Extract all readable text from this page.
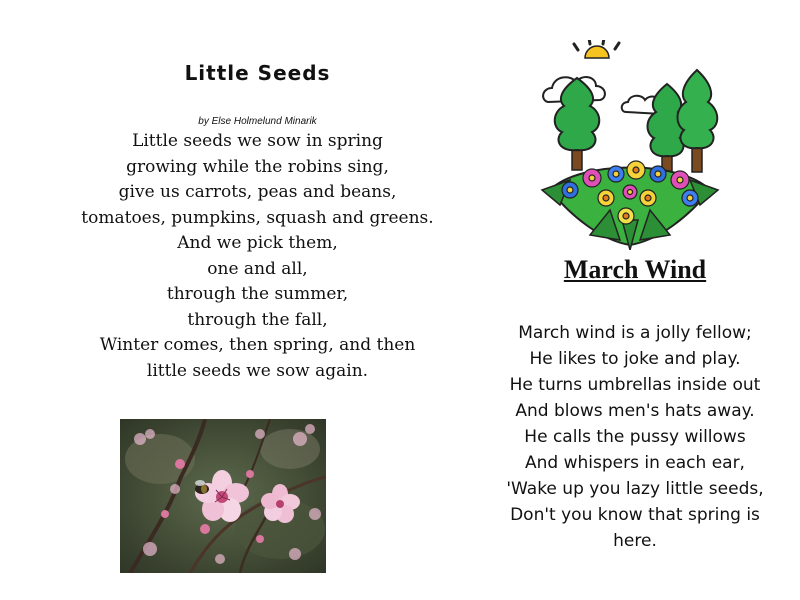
Little Seeds
by Else Holmelund Minarik
Little seeds we sow in spring
growing while the robins sing,
give us carrots, peas and beans,
tomatoes, pumpkins, squash and greens.
And we pick them,
one and all,
through the summer,
through the fall,
Winter comes, then spring, and then
little seeds we sow again.
March Wind
March wind is a jolly fellow;
He likes to joke and play.
He turns umbrellas inside out
And blows men's hats away.
He calls the pussy willows
And whispers in each ear,
'Wake up you lazy little seeds,
Don't you know that spring is
here.
